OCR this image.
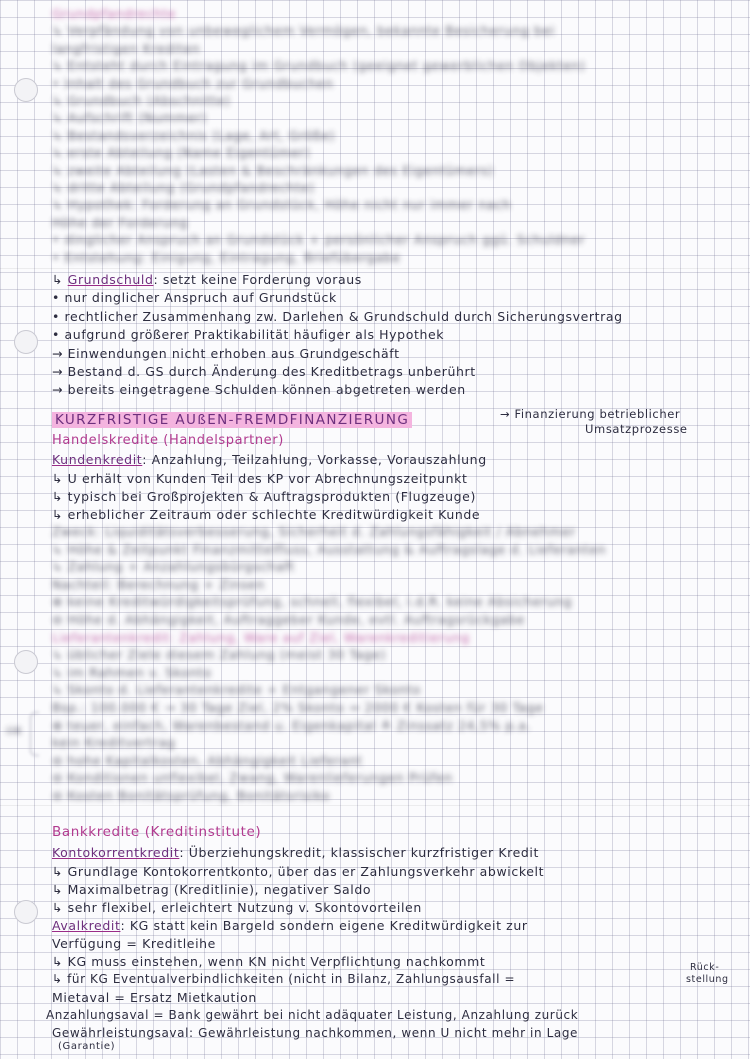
Grundpfandrechte
↳ Verpfändung von unbeweglichem Vermögen, bekannte Besicherung bei
langfristigen Krediten
↳ Entsteht durch Eintragung im Grundbuch (geeignet gewerblichen Objekten)
• Inhalt des Grundbuch zur Grundbuchen
↳ Grundbuch (Abschnitte)
↳ Aufschrift (Nummer)
↳ Bestandsverzeichnis (Lage, Art, Größe)
↳ erste Abteilung (Name Eigentümer)
↳ zweite Abteilung (Lasten & Beschränkungen des Eigentümers)
↳ dritte Abteilung (Grundpfandrechte)
↳ Hypothek: Forderung an Grundstück, Höhe nicht nur immer nach
Höhe der Forderung
• dinglicher Anspruch an Grundstück + persönlicher Anspruch ggü. Schuldner
• Entstehung: Einigung, Eintragung, Briefübergabe
↳ Grundschuld: setzt keine Forderung voraus
• nur dinglicher Anspruch auf Grundstück
• rechtlicher Zusammenhang zw. Darlehen & Grundschuld durch Sicherungsvertrag
• aufgrund größerer Praktikabilität häufiger als Hypothek
→ Einwendungen nicht erhoben aus Grundgeschäft
→ Bestand d. GS durch Änderung des Kreditbetrags unberührt
→ bereits eingetragene Schulden können abgetreten werden
KURZFRISTIGE AUßEN-FREMDFINANZIERUNG	→ Finanzierung betrieblicher
Umsatzprozesse
Handelskredite (Handelspartner)
Kundenkredit: Anzahlung, Teilzahlung, Vorkasse, Vorauszahlung
↳ U erhält von Kunden Teil des KP vor Abrechnungszeitpunkt
↳ typisch bei Großprojekten & Auftragsprodukten (Flugzeuge)
↳ erheblicher Zeitraum oder schlechte Kreditwürdigkeit Kunde
Zweck: Liquiditätsverbesserung, Sicherheit d. Zahlungsfähigkeit / Abnehmer
↳ Höhe & Zeitpunkt Finanzmittelfluss, Ausstattung & Auftragslage d. Lieferanten
↳ Zahlung + Anzahlungsbürgschaft
Nachteil: Berechnung + Zinsen
⊕ keine Kreditwürdigkeitsprüfung, schnell, flexibel, i.d.R. keine Absicherung
⊖ Höhe d. Abhängigkeit, Auftraggeber Kunde, evtl. Auftragsrückgabe
Lieferantenkredit: Zahlung, Ware auf Ziel, Warenkreditierung
↳ üblicher Ziele diesem Zahlung (meist 30 Tage)
↳ im Rahmen v. Skonto
↳ Skonto d. Lieferantenkredite + Entgangener Skonto
Bsp.: 100.000 € → 30 Tage Ziel, 2% Skonto ⇒ 2000 € Kosten für 30 Tage
⊕ teuer, einfach, Warenbestand u. Eigenkapital ≙ Zinssatz 24,5% p.a.
kein Kreditvertrag
⊖ hohe Kapitalkosten, Abhängigkeit Lieferant
⊖ Konditionen unflexibel, Zwang, Warenlieferungen Prüfen
⊖ Kosten Bonitätsprüfung, Bonitätsrisiko
OB
Bankkredite (Kreditinstitute)
Kontokorrentkredit: Überziehungskredit, klassischer kurzfristiger Kredit
↳ Grundlage Kontokorrentkonto, über das er Zahlungsverkehr abwickelt
↳ Maximalbetrag (Kreditlinie), negativer Saldo
↳ sehr flexibel, erleichtert Nutzung v. Skontovorteilen
Avalkredit: KG statt kein Bargeld sondern eigene Kreditwürdigkeit zur
Verfügung = Kreditleihe
↳ KG muss einstehen, wenn KN nicht Verpflichtung nachkommt
↳ für KG Eventualverbindlichkeiten (nicht in Bilanz, Zahlungsausfall =
Rück-
stellung
Mietaval = Ersatz Mietkaution
Anzahlungsaval = Bank gewährt bei nicht adäquater Leistung, Anzahlung zurück
Gewährleistungsaval: Gewährleistung nachkommen, wenn U nicht mehr in Lage
(Garantie)
